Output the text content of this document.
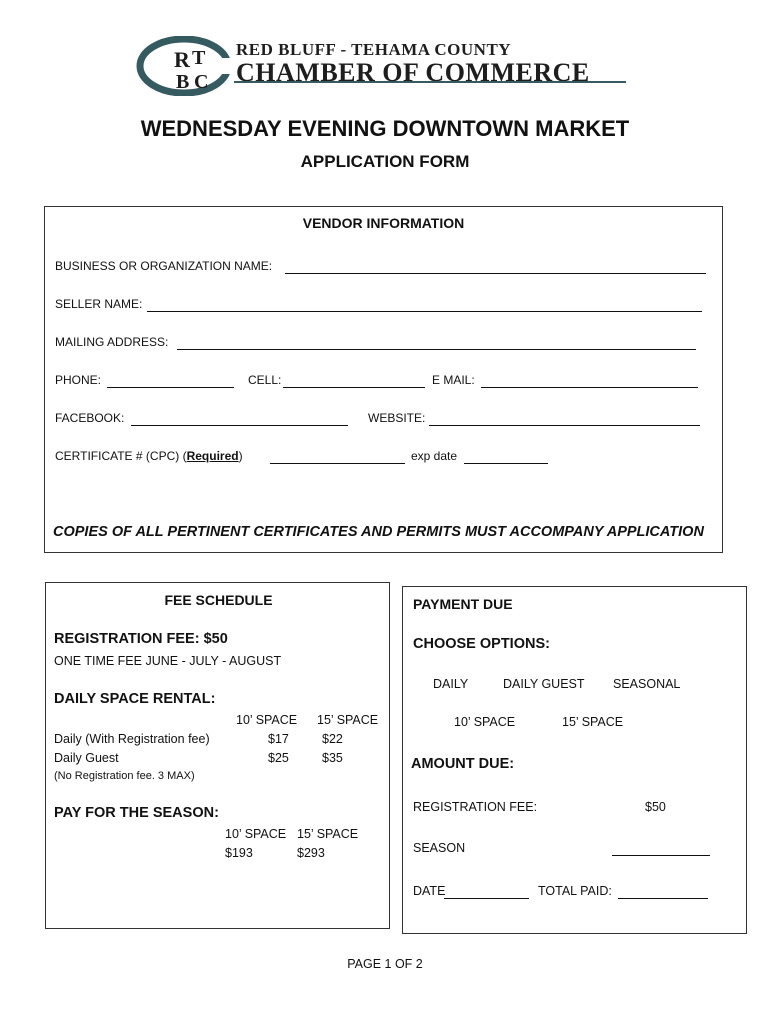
R T
B C
RED BLUFF - TEHAMA COUNTY
CHAMBER OF COMMERCE
WEDNESDAY EVENING DOWNTOWN MARKET
APPLICATION FORM
VENDOR INFORMATION
BUSINESS OR ORGANIZATION NAME:
SELLER NAME:
MAILING ADDRESS:
PHONE:	CELL:	E MAIL:
FACEBOOK:	WEBSITE:
CERTIFICATE # (CPC) (Required)	exp date
COPIES OF ALL PERTINENT CERTIFICATES AND PERMITS MUST ACCOMPANY APPLICATION
FEE SCHEDULE
REGISTRATION FEE: $50
ONE TIME FEE JUNE - JULY - AUGUST
DAILY SPACE RENTAL:
10’ SPACE 15’ SPACE
Daily (With Registration fee)	$17	$22
Daily Guest	$25	$35
(No Registration fee. 3 MAX)
PAY FOR THE SEASON:
10’ SPACE 15’ SPACE
$193	$293
PAYMENT DUE
CHOOSE OPTIONS:
DAILY	DAILY GUEST SEASONAL
10’ SPACE	15’ SPACE
AMOUNT DUE:
REGISTRATION FEE:	$50
SEASON
DATE	TOTAL PAID:
PAGE 1 OF 2
